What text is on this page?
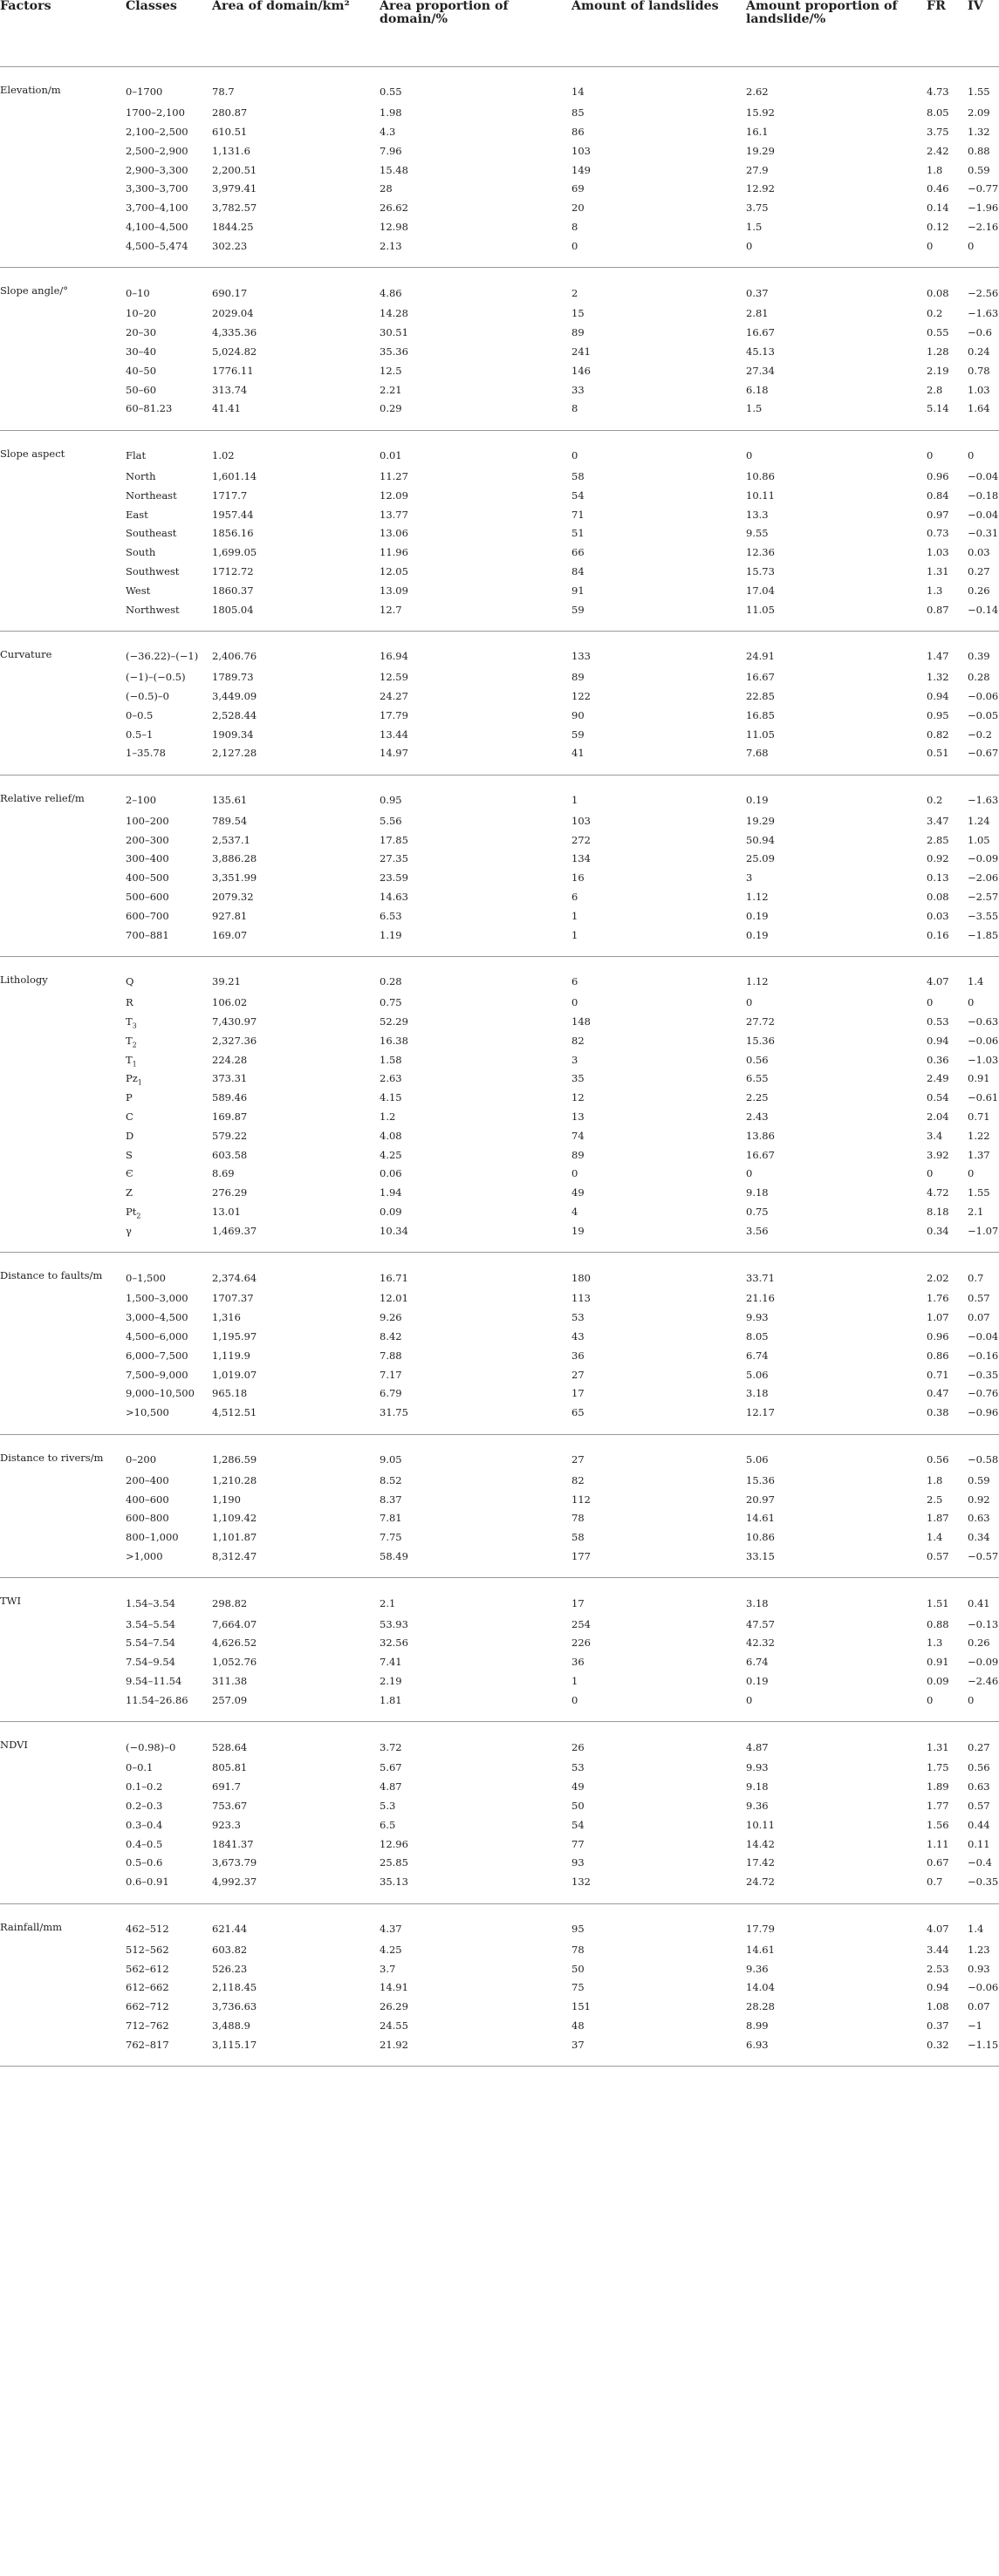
Factors	Classes	Area of domain/km²	Area proportion of domain/%	Amount of landslides	Amount proportion of landslide/%	FR	IV
Elevation/m	0–1700	78.7	0.55	14	2.62	4.73	1.55
	1700–2,100	280.87	1.98	85	15.92	8.05	2.09
	2,100–2,500	610.51	4.3	86	16.1	3.75	1.32
	2,500–2,900	1,131.6	7.96	103	19.29	2.42	0.88
	2,900–3,300	2,200.51	15.48	149	27.9	1.8	0.59
	3,300–3,700	3,979.41	28	69	12.92	0.46	−0.77
	3,700–4,100	3,782.57	26.62	20	3.75	0.14	−1.96
	4,100–4,500	1844.25	12.98	8	1.5	0.12	−2.16
	4,500–5,474	302.23	2.13	0	0	0	0
Slope angle/°	0–10	690.17	4.86	2	0.37	0.08	−2.56
	10–20	2029.04	14.28	15	2.81	0.2	−1.63
	20–30	4,335.36	30.51	89	16.67	0.55	−0.6
	30–40	5,024.82	35.36	241	45.13	1.28	0.24
	40–50	1776.11	12.5	146	27.34	2.19	0.78
	50–60	313.74	2.21	33	6.18	2.8	1.03
	60–81.23	41.41	0.29	8	1.5	5.14	1.64
Slope aspect	Flat	1.02	0.01	0	0	0	0
	North	1,601.14	11.27	58	10.86	0.96	−0.04
	Northeast	1717.7	12.09	54	10.11	0.84	−0.18
	East	1957.44	13.77	71	13.3	0.97	−0.04
	Southeast	1856.16	13.06	51	9.55	0.73	−0.31
	South	1,699.05	11.96	66	12.36	1.03	0.03
	Southwest	1712.72	12.05	84	15.73	1.31	0.27
	West	1860.37	13.09	91	17.04	1.3	0.26
	Northwest	1805.04	12.7	59	11.05	0.87	−0.14
Curvature	(−36.22)–(−1)	2,406.76	16.94	133	24.91	1.47	0.39
	(−1)–(−0.5)	1789.73	12.59	89	16.67	1.32	0.28
	(−0.5)–0	3,449.09	24.27	122	22.85	0.94	−0.06
	0–0.5	2,528.44	17.79	90	16.85	0.95	−0.05
	0.5–1	1909.34	13.44	59	11.05	0.82	−0.2
	1–35.78	2,127.28	14.97	41	7.68	0.51	−0.67
Relative relief/m	2–100	135.61	0.95	1	0.19	0.2	−1.63
	100–200	789.54	5.56	103	19.29	3.47	1.24
	200–300	2,537.1	17.85	272	50.94	2.85	1.05
	300–400	3,886.28	27.35	134	25.09	0.92	−0.09
	400–500	3,351.99	23.59	16	3	0.13	−2.06
	500–600	2079.32	14.63	6	1.12	0.08	−2.57
	600–700	927.81	6.53	1	0.19	0.03	−3.55
	700–881	169.07	1.19	1	0.19	0.16	−1.85
Lithology	Q	39.21	0.28	6	1.12	4.07	1.4
	R	106.02	0.75	0	0	0	0
	$T_3$	7,430.97	52.29	148	27.72	0.53	−0.63
	$T_2$	2,327.36	16.38	82	15.36	0.94	−0.06
	$T_1$	224.28	1.58	3	0.56	0.36	−1.03
	$Pz_1$	373.31	2.63	35	6.55	2.49	0.91
	P	589.46	4.15	12	2.25	0.54	−0.61
	C	169.87	1.2	13	2.43	2.04	0.71
	D	579.22	4.08	74	13.86	3.4	1.22
	S	603.58	4.25	89	16.67	3.92	1.37
	Є	8.69	0.06	0	0	0	0
	Z	276.29	1.94	49	9.18	4.72	1.55
	$Pt_2$	13.01	0.09	4	0.75	8.18	2.1
	γ	1,469.37	10.34	19	3.56	0.34	−1.07
Distance to faults/m	0–1,500	2,374.64	16.71	180	33.71	2.02	0.7
	1,500–3,000	1707.37	12.01	113	21.16	1.76	0.57
	3,000–4,500	1,316	9.26	53	9.93	1.07	0.07
	4,500–6,000	1,195.97	8.42	43	8.05	0.96	−0.04
	6,000–7,500	1,119.9	7.88	36	6.74	0.86	−0.16
	7,500–9,000	1,019.07	7.17	27	5.06	0.71	−0.35
	9,000–10,500	965.18	6.79	17	3.18	0.47	−0.76
	>10,500	4,512.51	31.75	65	12.17	0.38	−0.96
Distance to rivers/m	0–200	1,286.59	9.05	27	5.06	0.56	−0.58
	200–400	1,210.28	8.52	82	15.36	1.8	0.59
	400–600	1,190	8.37	112	20.97	2.5	0.92
	600–800	1,109.42	7.81	78	14.61	1.87	0.63
	800–1,000	1,101.87	7.75	58	10.86	1.4	0.34
	>1,000	8,312.47	58.49	177	33.15	0.57	−0.57
TWI	1.54–3.54	298.82	2.1	17	3.18	1.51	0.41
	3.54–5.54	7,664.07	53.93	254	47.57	0.88	−0.13
	5.54–7.54	4,626.52	32.56	226	42.32	1.3	0.26
	7.54–9.54	1,052.76	7.41	36	6.74	0.91	−0.09
	9.54–11.54	311.38	2.19	1	0.19	0.09	−2.46
	11.54–26.86	257.09	1.81	0	0	0	0
NDVI	(−0.98)–0	528.64	3.72	26	4.87	1.31	0.27
	0–0.1	805.81	5.67	53	9.93	1.75	0.56
	0.1–0.2	691.7	4.87	49	9.18	1.89	0.63
	0.2–0.3	753.67	5.3	50	9.36	1.77	0.57
	0.3–0.4	923.3	6.5	54	10.11	1.56	0.44
	0.4–0.5	1841.37	12.96	77	14.42	1.11	0.11
	0.5–0.6	3,673.79	25.85	93	17.42	0.67	−0.4
	0.6–0.91	4,992.37	35.13	132	24.72	0.7	−0.35
Rainfall/mm	462–512	621.44	4.37	95	17.79	4.07	1.4
	512–562	603.82	4.25	78	14.61	3.44	1.23
	562–612	526.23	3.7	50	9.36	2.53	0.93
	612–662	2,118.45	14.91	75	14.04	0.94	−0.06
	662–712	3,736.63	26.29	151	28.28	1.08	0.07
	712–762	3,488.9	24.55	48	8.99	0.37	−1
	762–817	3,115.17	21.92	37	6.93	0.32	−1.15
